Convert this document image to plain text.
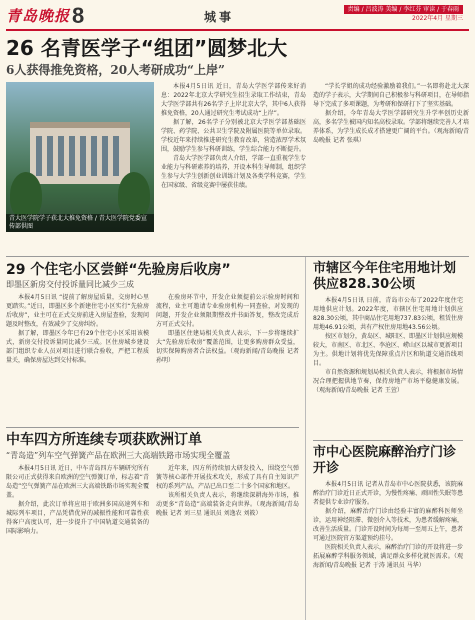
青岛晚报 8	城事
责编 / 吕波涛 美编 / 李红芬 审读 / 于春雨
2022年4月 星期三
26 名青医学子“组团”圆梦北大
6人获得推免资格，20人考研成功“上岸”
青大医学院学子获北大推免资格 / 青大医学院党委宣传部供图

本报4月5日讯 近日，青岛大学医学部传来好消息：2022年北京大学研究生招生录取工作结束，青岛大学医学部共有26名学子上岸北京大学，其中6人获得推免资格，20人通过研究生考试成功“上岸”。

据了解，26名学子分别被北京大学医学部基础医学院、药学院、公共卫生学院及附属医院等单位录取。学校近年来持续推进研究生教育改革，营造浓厚学术氛围，鼓励学生参与科研训练，学生综合能力不断提升。

青岛大学医学部负责人介绍，学部一直重视学生专业能力与科研素养的培养，开设本科生导师制，组织学生参与大学生创新创业训练计划及各类学科竞赛，学生在国家级、省级竞赛中屡获佳绩。

“学长学姐的成功经验激励着我们。”一名即将赴北大深造的学子表示，大学期间自己积极参与科研项目，在导师指导下完成了多项课题，为考研和保研打下了坚实基础。

据介绍，今年青岛大学医学部研究生升学率创历史新高，多名学生被国内知名高校录取。学部将继续完善人才培养体系，为学生成长成才搭建更广阔的平台。（观海新闻/青岛晚报 记者 张琪）

29 个住宅小区尝鲜“先验房后收房”
即墨区新房交付投诉量同比减少三成

本报4月5日讯 “提前了解房屋质量，交房时心里更踏实。”近日，即墨区多个新建住宅小区实行“先验房后收房”，业主可在正式交房前进入房屋查验，发现问题及时整改，有效减少了交房纠纷。

据了解，即墨区今年已有29个住宅小区采用该模式，新房交付投诉量同比减少三成。区住房城乡建设部门组织专业人员对项目进行联合验收，严把工程质量关，确保房屋达到交付标准。

在验房环节中，开发企业须提前公示验房时间和流程，业主可邀请专业验房机构一同查验，对发现的问题，开发企业须限期整改并书面答复，整改完成后方可正式交付。

即墨区住建局相关负责人表示，下一步将继续扩大“先验房后收房”覆盖范围，让更多购房群众受益，切实保障购房者合法权益。（观海新闻/青岛晚报 记者 孙明）

中车四方所连续专项获欧洲订单
“青岛造”列车空气弹簧产品在欧洲三大高端铁路市场实现全覆盖

本报4月5日讯 近日，中车青岛四方车辆研究所有限公司正式获得来自欧洲的空气弹簧订单，标志着“青岛造”空气弹簧产品在欧洲三大高端铁路市场实现全覆盖。

据介绍，此次订单将应用于欧洲多国高速列车和城际列车项目，产品凭借优异的减振性能和可靠性获得客户高度认可，进一步提升了中国轨道交通装备的国际影响力。

近年来，四方所持续加大研发投入，围绕空气弹簧等核心部件开展技术攻关，形成了具有自主知识产权的系列产品，产品已出口至二十多个国家和地区。

该所相关负责人表示，将继续深耕海外市场，推动更多“青岛造”高端装备走向世界。（观海新闻/青岛晚报 记者 刘三星 通讯员 刘逸农 刘筱）

市辖区今年住宅用地计划供应828.30公顷

本报4月5日讯 日前，青岛市公布了2022年度住宅用地供应计划。2022年度，市辖区住宅用地计划供应828.30公顷，其中商品住宅用地737.83公顷，租赁住房用地46.91公顷，共有产权住房用地43.56公顷。

按区市划分，黄岛区、城阳区、即墨区计划供应规模较大，市南区、市北区、李沧区、崂山区以城市更新项目为主。供地计划将优先保障重点片区和轨道交通沿线项目。

市自然资源和规划局相关负责人表示，将根据市场情况合理把握供地节奏，保持房地产市场平稳健康发展。（观海新闻/青岛晚报 记者 王萱）

市中心医院麻醉治疗门诊开诊

本报4月5日讯 记者从青岛市中心医院获悉，该院麻醉治疗门诊近日正式开诊，为慢性疼痛、顽固性失眠等患者提供专业诊疗服务。

据介绍，麻醉治疗门诊由经验丰富的麻醉科医师坐诊，运用神经阻滞、微创介入等技术，为患者缓解疼痛，改善生活质量。门诊开设时间为每周一至周五上午，患者可通过医院官方渠道预约挂号。

医院相关负责人表示，麻醉治疗门诊的开设将进一步拓展麻醉学科服务领域，满足群众多样化就医需求。（观海新闻/青岛晚报 记者 于涛 通讯员 马华）
